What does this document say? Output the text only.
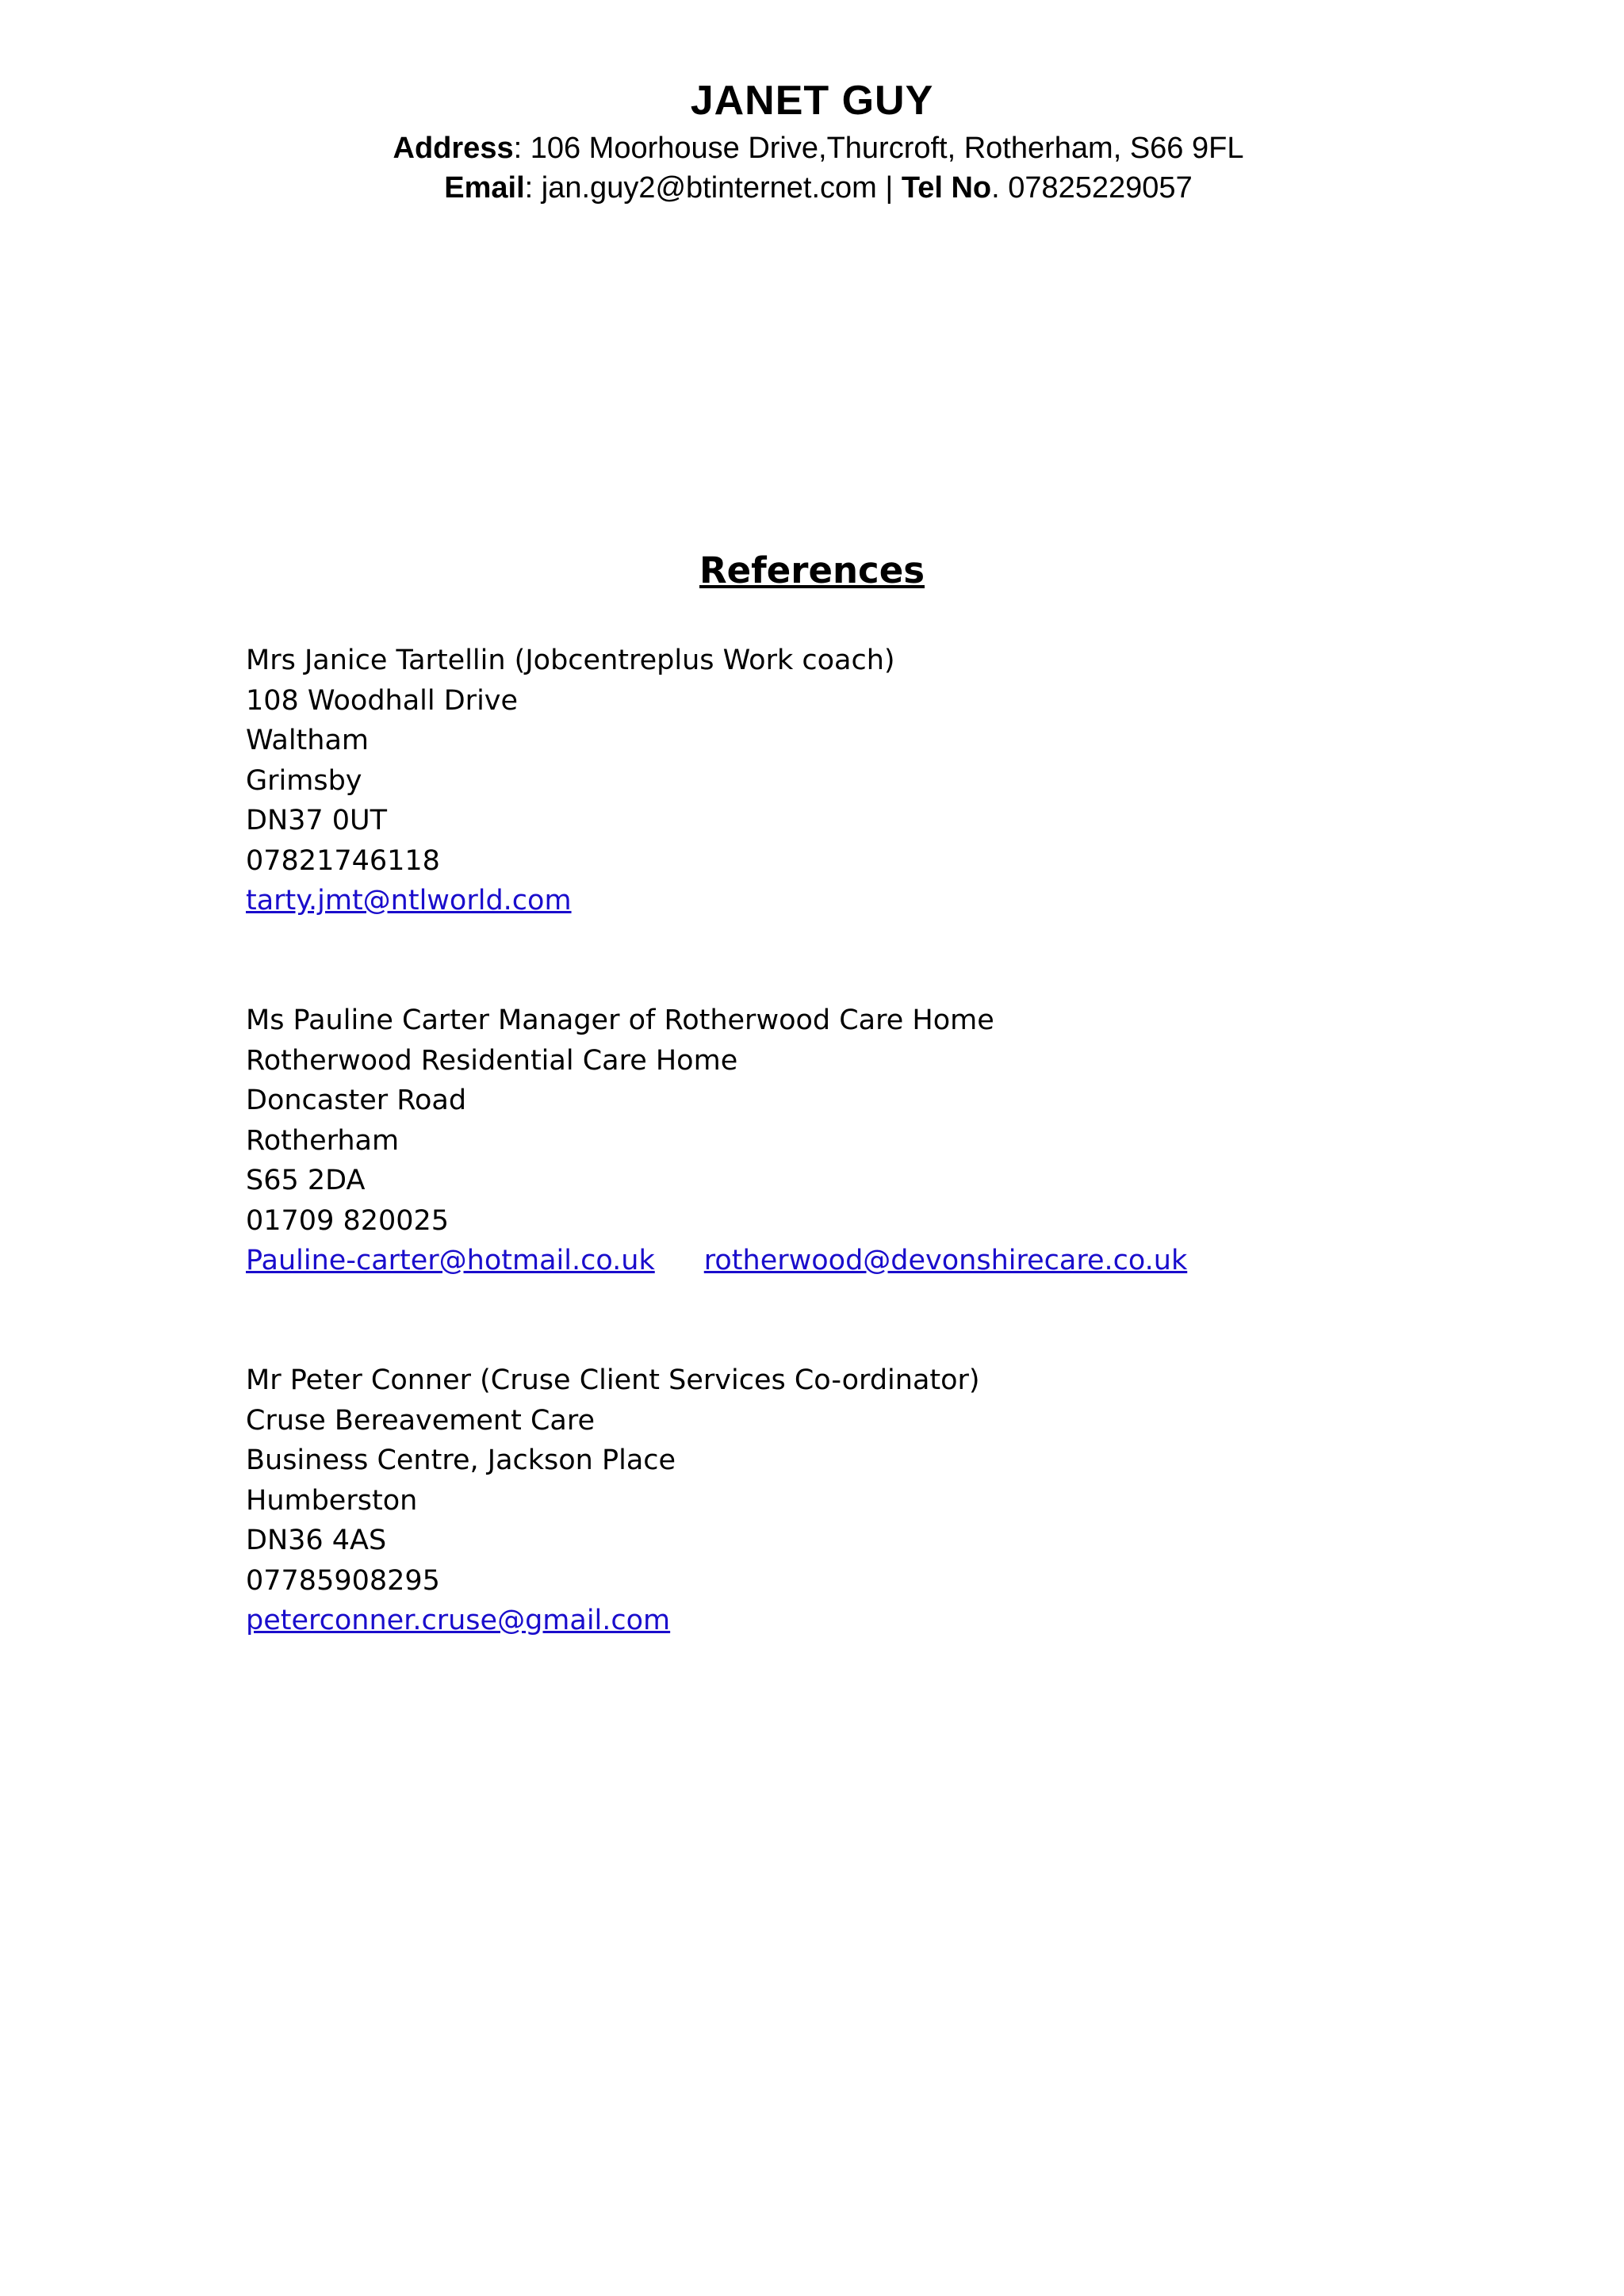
JANET GUY

Address: 106 Moorhouse Drive,Thurcroft, Rotherham, S66 9FL

Email: jan.guy2@btinternet.com | Tel No. 07825229057

References
Mrs Janice Tartellin (Jobcentreplus Work coach)
108 Woodhall Drive
Waltham
Grimsby
DN37 0UT
07821746118
tarty.jmt@ntlworld.com
Ms Pauline Carter Manager of Rotherwood Care Home
Rotherwood Residential Care Home
Doncaster Road
Rotherham
S65 2DA
01709 820025
Pauline-carter@hotmail.co.uk rotherwood@devonshirecare.co.uk
Mr Peter Conner (Cruse Client Services Co-ordinator)
Cruse Bereavement Care
Business Centre, Jackson Place
Humberston
DN36 4AS
07785908295
peterconner.cruse@gmail.com
